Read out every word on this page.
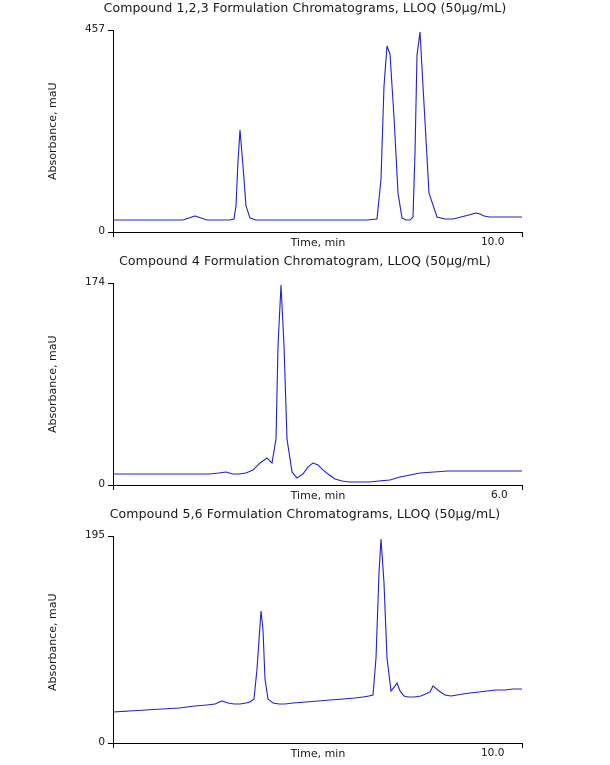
Compound 1,2,3 Formulation Chromatograms, LLOQ (50µg/mL)
457
0
10.0
Time, min
Absorbance, maU
Compound 4 Formulation Chromatogram, LLOQ (50µg/mL)
174
0
6.0
Time, min
Absorbance, maU
Compound 5,6 Formulation Chromatograms, LLOQ (50µg/mL)
195
0
10.0
Time, min
Absorbance, maU
